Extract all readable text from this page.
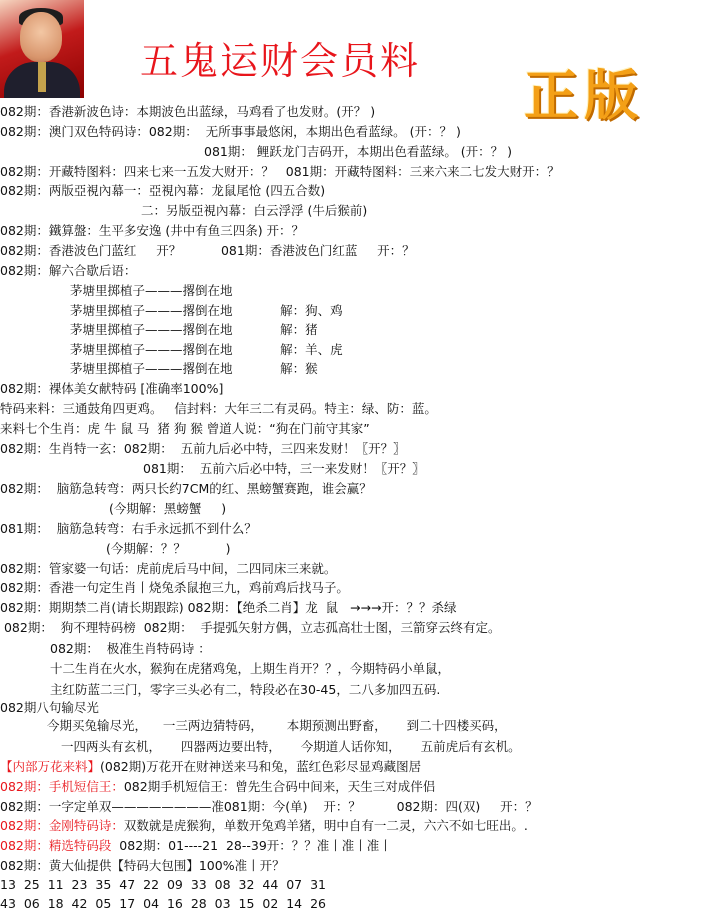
五鬼运财会员料
正版
082期：香港新波色诗：本期波色出蓝绿，马鸡看了也发财。(开？ )
082期：澳门双色特码诗：082期：  无所事事最悠闲，本期出色看蓝绿。 (开：？ )
081期： 鲤跃龙门吉码开，本期出色看蓝绿。 (开：？ )
082期：开藏特图料：四来七来一五发大财开：？   081期：开藏特图料：三来六来二七发大财开：？
082期：两版亞視內幕一：亞視內幕：龙鼠尾怆 (四五合数)
二：另版亞視內幕：白云浮浮 (牛后猴前)
082期：鐵算盤：生平多安逸 (井中有鱼三四条) 开：？
082期：香港波色门蓝红     开？          081期：香港波色门红蓝     开：？
082期：解六合歇后语：
茅塘里掷植子———撂倒在地
茅塘里掷植子———撂倒在地            解：狗、鸡
茅塘里掷植子———撂倒在地            解：猪
茅塘里掷植子———撂倒在地            解：羊、虎
茅塘里掷植子———撂倒在地            解：猴
082期：裸体美女献特码 [准确率100%]
特码来料：三通鼓角四更鸡。   信封料：大年三二有灵码。特主：绿、防：蓝。
来料七个生肖：虎 牛 鼠 马  猪 狗 猴 曾道人说：“狗在门前守其家”
082期：生肖特一玄：082期：  五前九后必中特，三四来发财！〖开？〗
081期：  五前六后必中特，三一来发财！〖开？〗
082期：  脑筋急转弯：两只长约7CM的红、黑螃蟹赛跑，谁会赢？
(今期解：黑螃蟹     )
081期：  脑筋急转弯：右手永远抓不到什么？
(今期解：？？          )
082期：管家婆一句话：虎前虎后马中间，二四同床三来就。
082期：香港一句定生肖丨烧兔杀鼠抱三九，鸡前鸡后找马子。
082期：期期禁二肖(请长期跟踪) 082期：【绝杀二肖】龙  鼠   →→→开：？？杀绿
082期：  狗不理特码榜  082期：  手提弧矢射方偶，立志孤高壮士图，三箭穿云终有定。
082期：  极准生肖特码诗 ：
十二生肖在火水，猴狗在虎猪鸡兔，上期生肖开？？，今期特码小单鼠，
主红防蓝二三门，零字三头必有二，特段必在30-45，二八多加四五码.
082期八句输尽光
今期买兔输尽光，    一三两边猜特码，      本期预测出野畜，     到二十四楼买码，
一四两头有玄机，     四器两边要出特，     今期道人话你知，     五前虎后有玄机。
【内部万花来料】(082期)万花开在财神送来马和兔，蓝红色彩尽显鸡藏图居
082期：手机短信王：082期手机短信王：曾先生合码中间来，天生三对成伴侣
082期：一字定单双————————准081期：今(单)    开：？         082期：四(双)     开：？
082期：金刚特码诗：双数就是虎猴狗，单数开兔鸡羊猪，明中自有一二灵，六六不如七旺出。.
082期：精选特码段  082期：01----21  28--39开：？？准丨准丨准丨
082期：黄大仙提供【特码大包围】100%准丨开？
13  25  11  23  35  47  22  09  33  08  32  44  07  31
43  06  18  42  05  17  04  16  28  03  15  02  14  26
